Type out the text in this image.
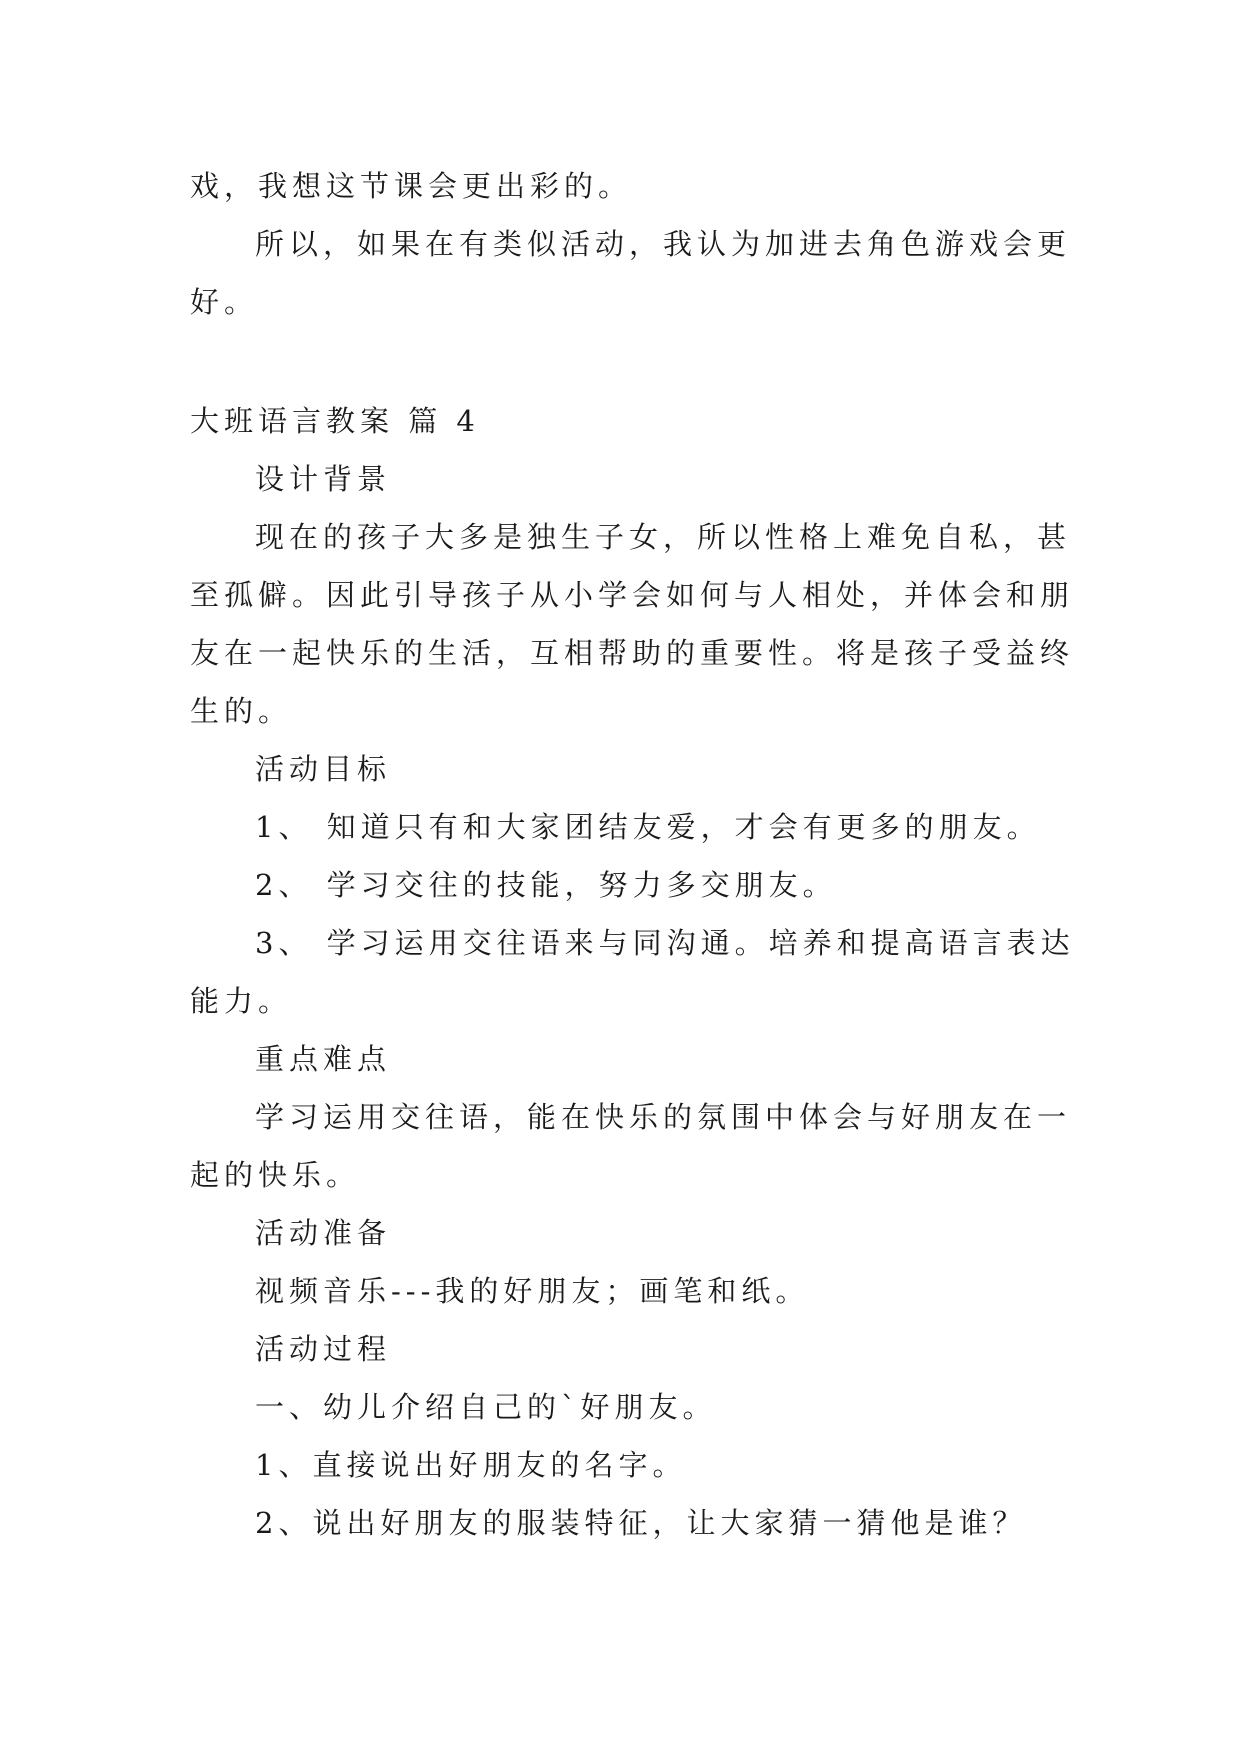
戏，我想这节课会更出彩的。
所以，如果在有类似活动，我认为加进去角色游戏会更
好。
大班语言教案 篇 4
设计背景
现在的孩子大多是独生子女，所以性格上难免自私，甚
至孤僻。因此引导孩子从小学会如何与人相处，并体会和朋
友在一起快乐的生活，互相帮助的重要性。将是孩子受益终
生的。
活动目标
1、 知道只有和大家团结友爱，才会有更多的朋友。
2、 学习交往的技能，努力多交朋友。
3、 学习运用交往语来与同沟通。培养和提高语言表达
能力。
重点难点
学习运用交往语，能在快乐的氛围中体会与好朋友在一
起的快乐。
活动准备
视频音乐---我的好朋友；画笔和纸。
活动过程
一、幼儿介绍自己的`好朋友。
1、直接说出好朋友的名字。
2、说出好朋友的服装特征，让大家猜一猜他是谁？
